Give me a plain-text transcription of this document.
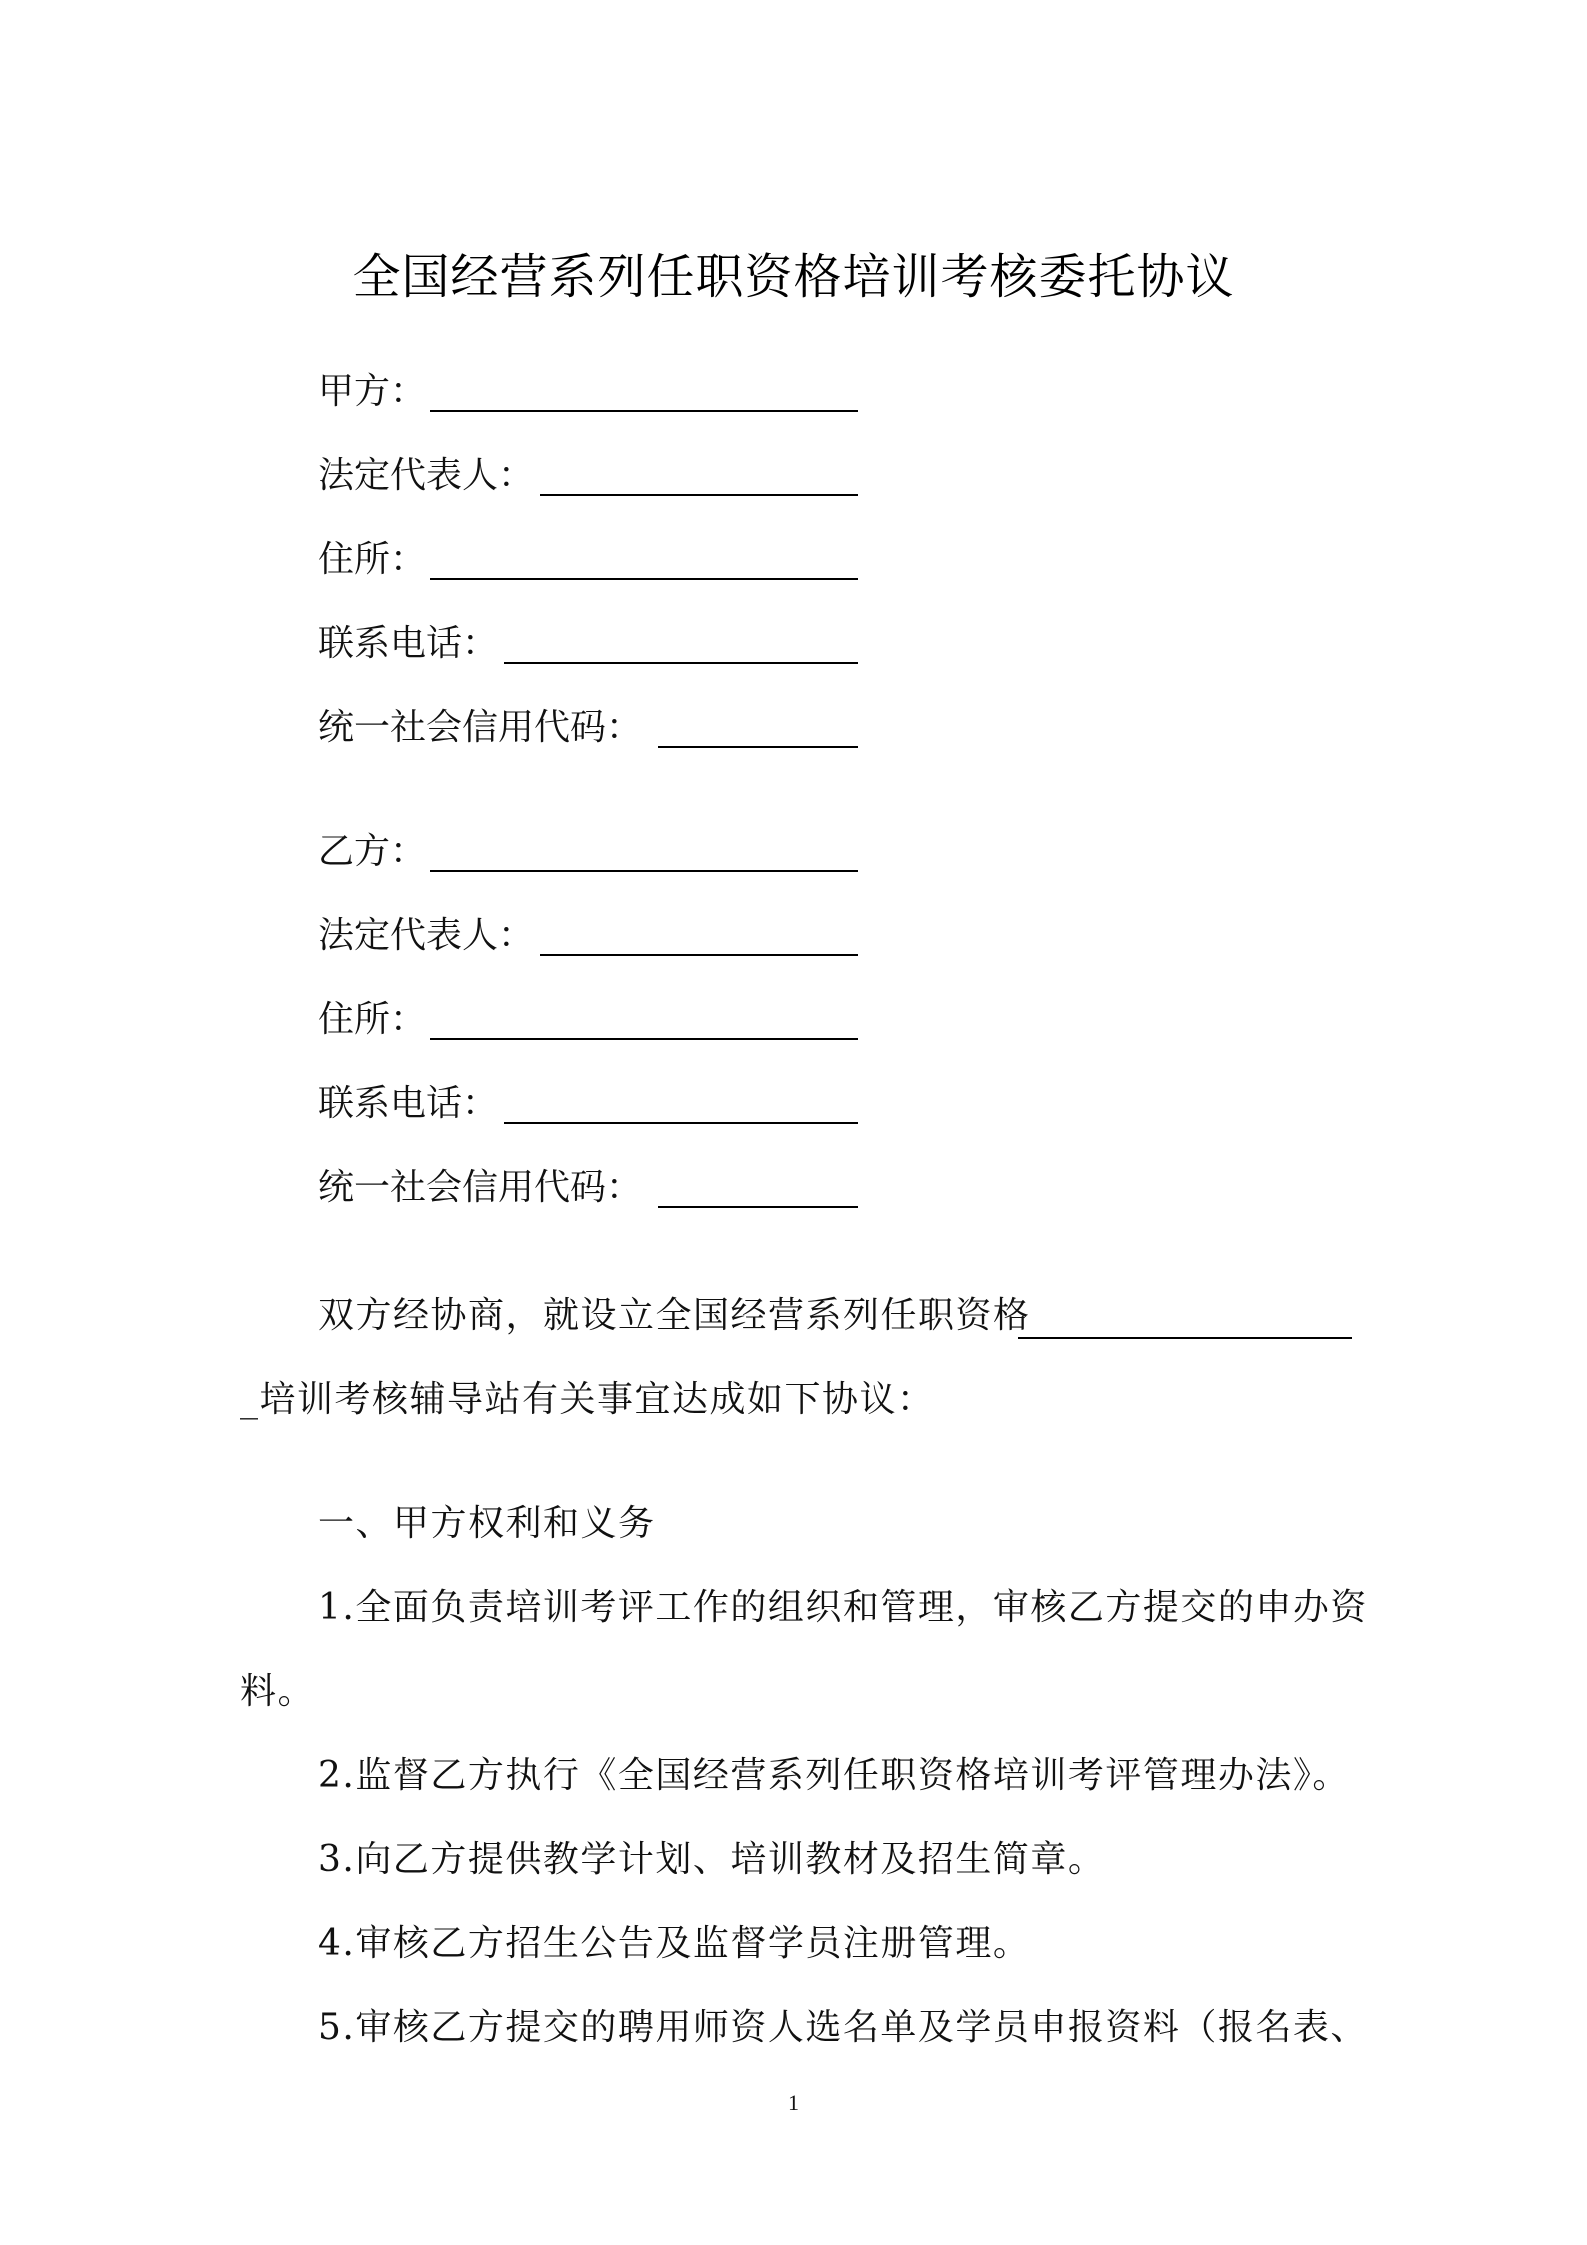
全国经营系列任职资格培训考核委托协议
甲方：
法定代表人：
住所：
联系电话：
统一社会信用代码：
乙方：
法定代表人：
住所：
联系电话：
统一社会信用代码：
双方经协商，就设立全国经营系列任职资格
_培训考核辅导站有关事宜达成如下协议：
一、甲方权利和义务
1.全面负责培训考评工作的组织和管理，审核乙方提交的申办资
料。
2.监督乙方执行《全国经营系列任职资格培训考评管理办法》。
3.向乙方提供教学计划、培训教材及招生简章。
4.审核乙方招生公告及监督学员注册管理。
5.审核乙方提交的聘用师资人选名单及学员申报资料（报名表、
1
